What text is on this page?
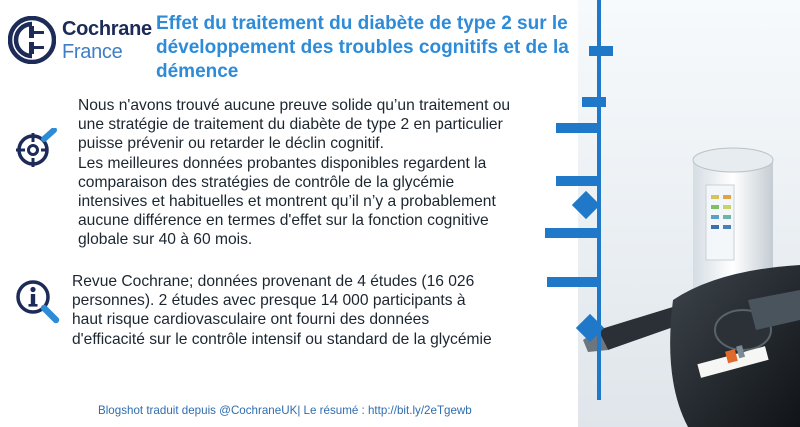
Cochrane
France
Effet du traitement du diabète de type 2 sur le développement des troubles cognitifs et de la démence
Nous n'avons trouvé aucune preuve solide qu’un traitement ou
une stratégie de traitement du diabète de type 2 en particulier
puisse prévenir ou retarder le déclin cognitif.
Les meilleures données probantes disponibles regardent la
comparaison des stratégies de contrôle de la glycémie
intensives et habituelles et montrent qu’il n’y a probablement
aucune différence en termes d'effet sur la fonction cognitive
globale sur 40 à 60 mois.
Revue Cochrane; données provenant de 4 études (16 026
personnes). 2 études avec presque 14 000 participants à
haut risque cardiovasculaire ont fourni des données
d'efficacité sur le contrôle intensif ou standard de la glycémie
Blogshot traduit depuis @CochraneUK| Le résumé : http://bit.ly/2eTgewb
